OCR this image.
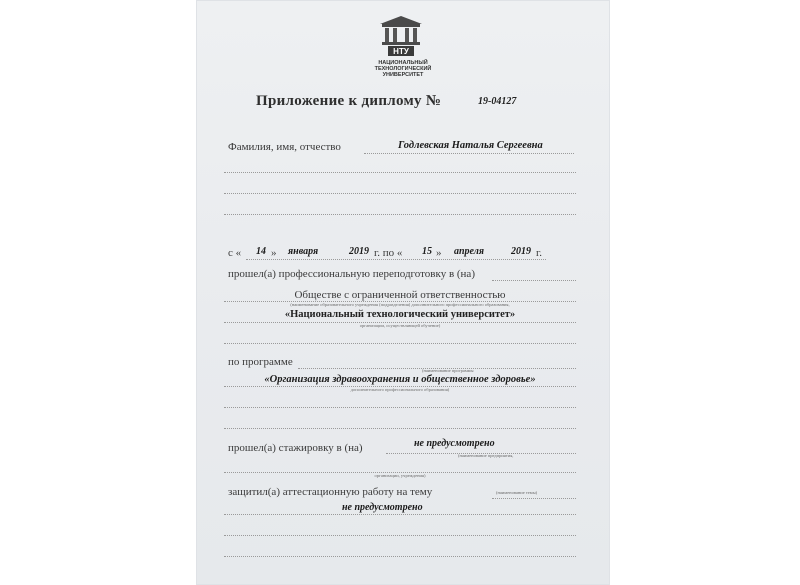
НТУ
НАЦИОНАЛЬНЫЙ
ТЕХНОЛОГИЧЕСКИЙ
УНИВЕРСИТЕТ
Приложение к диплому №	19-04127
Фамилия, имя, отчество	Годлевская Наталья Сергеевна
с « 14 » января	2019 г. по « 15 » апреля	2019 г.
прошел(а) профессиональную переподготовку в (на)
Обществе с ограниченной ответственностью
(наименование образовательного учреждения (подразделения) дополнительного профессионального образования,
«Национальный технологический университет»
организации, осуществляющей обучение)
по программе
(наименование программы
«Организация здравоохранения и общественное здоровье»
дополнительного профессионального образования)
прошел(а) стажировку в (на)	не предусмотрено
(наименование предприятия,
организации, учреждения)
защитил(а) аттестационную работу на тему	(наименование темы)
не предусмотрено
